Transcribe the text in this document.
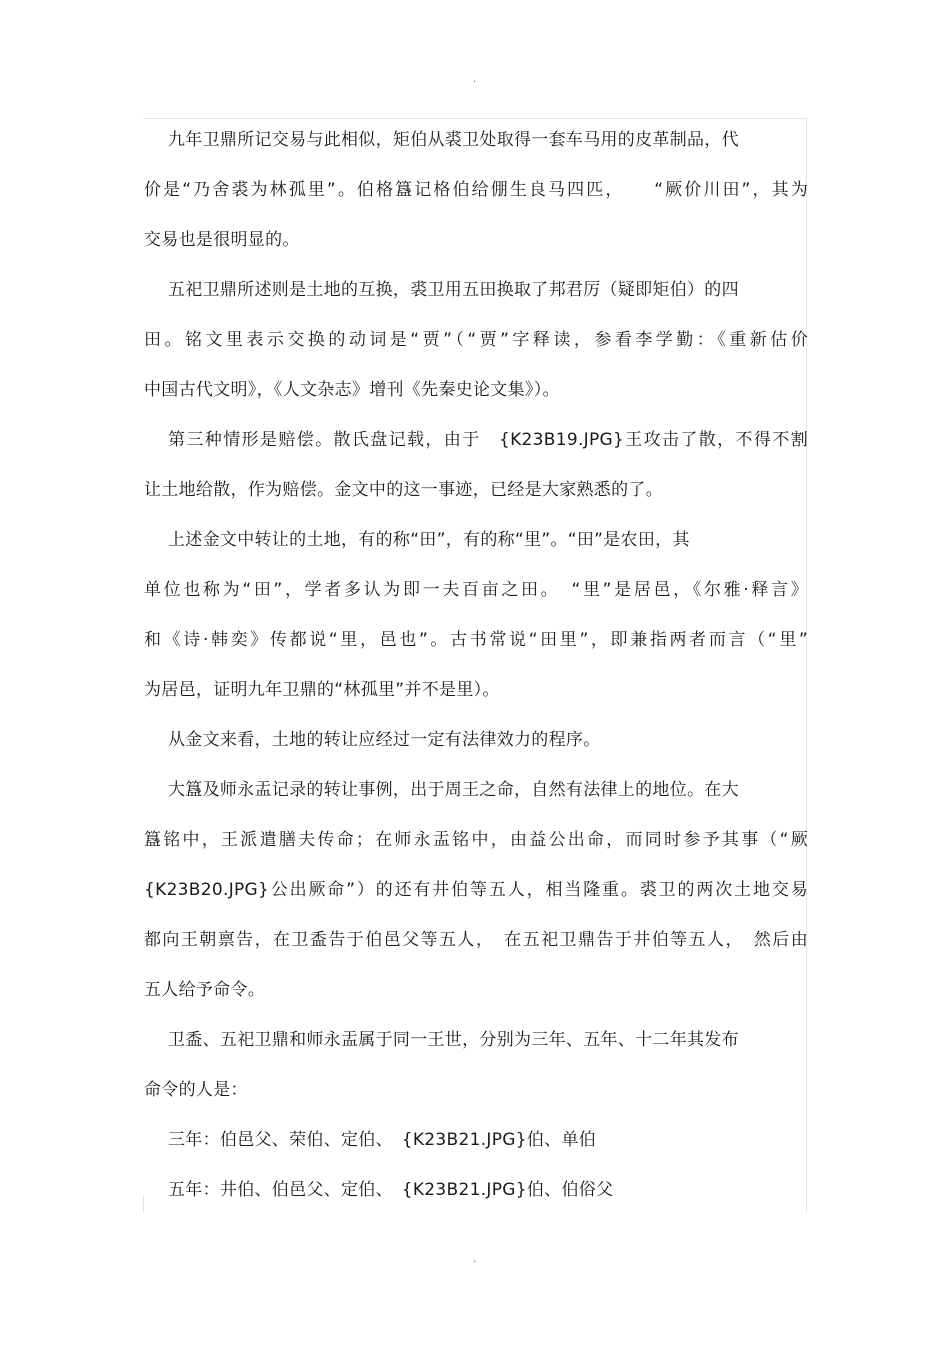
·
九年卫鼎所记交易与此相似，矩伯从裘卫处取得一套车马用的皮革制品，代
价是“乃舍裘为林孤里”。伯格簋记格伯给倗生良马四匹，　　“厥价川田”，其为
交易也是很明显的。
五祀卫鼎所述则是土地的互换，裘卫用五田换取了邦君厉（疑即矩伯）的四
田。铭文里表示交换的动词是“贾”（“贾”字释读，参看李学勤：《重新估价
中国古代文明》，《人文杂志》增刊《先秦史论文集》）。
第三种情形是赔偿。散氏盘记载，由于　{K23B19.JPG}王攻击了散，不得不割
让土地给散，作为赔偿。金文中的这一事迹，已经是大家熟悉的了。
上述金文中转让的土地，有的称“田”，有的称“里”。“田”是农田，其
单位也称为“田”，学者多认为即一夫百亩之田。　“里”是居邑，《尔雅·释言》
和《诗·韩奕》传都说“里，邑也”。古书常说“田里”，即兼指两者而言（“里”
为居邑，证明九年卫鼎的“林孤里”并不是里）。
从金文来看，土地的转让应经过一定有法律效力的程序。
大簋及师永盂记录的转让事例，出于周王之命，自然有法律上的地位。在大
簋铭中，王派遣膳夫传命；在师永盂铭中，由益公出命，而同时参予其事（“厥
{K23B20.JPG}公出厥命”）的还有井伯等五人，相当隆重。裘卫的两次土地交易
都向王朝禀告，在卫盉告于伯邑父等五人，　在五祀卫鼎告于井伯等五人，　然后由
五人给予命令。
卫盉、五祀卫鼎和师永盂属于同一王世，分别为三年、五年、十二年其发布
命令的人是：
三年：伯邑父、荣伯、定伯、　{K23B21.JPG}伯、单伯
五年：井伯、伯邑父、定伯、　{K23B21.JPG}伯、伯俗父
·
